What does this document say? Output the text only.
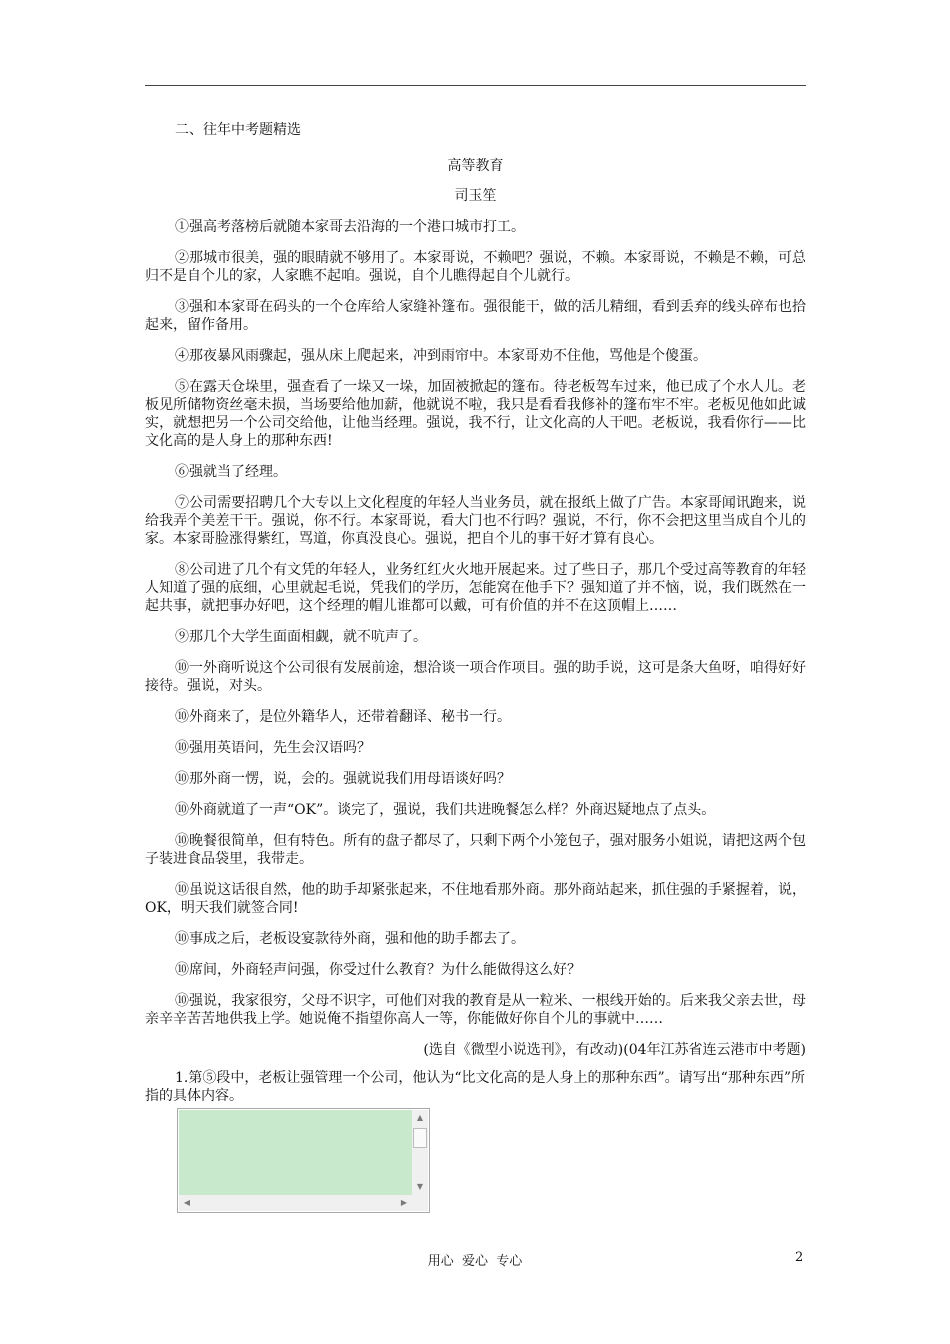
二、往年中考题精选

高等教育

司玉笙

①强高考落榜后就随本家哥去沿海的一个港口城市打工。

②那城市很美，强的眼睛就不够用了。本家哥说，不赖吧？强说，不赖。本家哥说，不赖是不赖，可总归不是自个儿的家，人家瞧不起咱。强说，自个儿瞧得起自个儿就行。

③强和本家哥在码头的一个仓库给人家缝补篷布。强很能干，做的活儿精细，看到丢弃的线头碎布也拾起来，留作备用。

④那夜暴风雨骤起，强从床上爬起来，冲到雨帘中。本家哥劝不住他，骂他是个傻蛋。

⑤在露天仓垛里，强查看了一垛又一垛，加固被掀起的篷布。待老板驾车过来，他已成了个水人儿。老板见所储物资丝毫未损，当场要给他加薪，他就说不啦，我只是看看我修补的篷布牢不牢。老板见他如此诚实，就想把另一个公司交给他，让他当经理。强说，我不行，让文化高的人干吧。老板说，我看你行——比文化高的是人身上的那种东西!

⑥强就当了经理。

⑦公司需要招聘几个大专以上文化程度的年轻人当业务员，就在报纸上做了广告。本家哥闻讯跑来，说给我弄个美差干干。强说，你不行。本家哥说，看大门也不行吗？强说，不行，你不会把这里当成自个儿的家。本家哥脸涨得紫红，骂道，你真没良心。强说，把自个儿的事干好才算有良心。

⑧公司进了几个有文凭的年轻人，业务红红火火地开展起来。过了些日子，那几个受过高等教育的年轻人知道了强的底细，心里就起毛说，凭我们的学历，怎能窝在他手下？强知道了并不恼，说，我们既然在一起共事，就把事办好吧，这个经理的帽儿谁都可以戴，可有价值的并不在这顶帽上……

⑨那几个大学生面面相觑，就不吭声了。

⑩一外商听说这个公司很有发展前途，想洽谈一项合作项目。强的助手说，这可是条大鱼呀，咱得好好接待。强说，对头。

⑩外商来了，是位外籍华人，还带着翻译、秘书一行。

⑩强用英语问，先生会汉语吗？

⑩那外商一愣，说，会的。强就说我们用母语谈好吗？

⑩外商就道了一声“OK”。谈完了，强说，我们共进晚餐怎么样？外商迟疑地点了点头。

⑩晚餐很简单，但有特色。所有的盘子都尽了，只剩下两个小笼包子，强对服务小姐说，请把这两个包子装进食品袋里，我带走。

⑩虽说这话很自然，他的助手却紧张起来，不住地看那外商。那外商站起来，抓住强的手紧握着，说，OK，明天我们就签合同!

⑩事成之后，老板设宴款待外商，强和他的助手都去了。

⑩席间，外商轻声问强，你受过什么教育？为什么能做得这么好？

⑩强说，我家很穷，父母不识字，可他们对我的教育是从一粒米、一根线开始的。后来我父亲去世，母亲辛辛苦苦地供我上学。她说俺不指望你高人一等，你能做好你自个儿的事就中……

(选自《微型小说选刊》，有改动)(04年江苏省连云港市中考题)

1.第⑤段中，老板让强管理一个公司，他认为“比文化高的是人身上的那种东西”。请写出“那种东西”所指的具体内容。

▲
▼
◀	▶
用心  爱心  专心	2
